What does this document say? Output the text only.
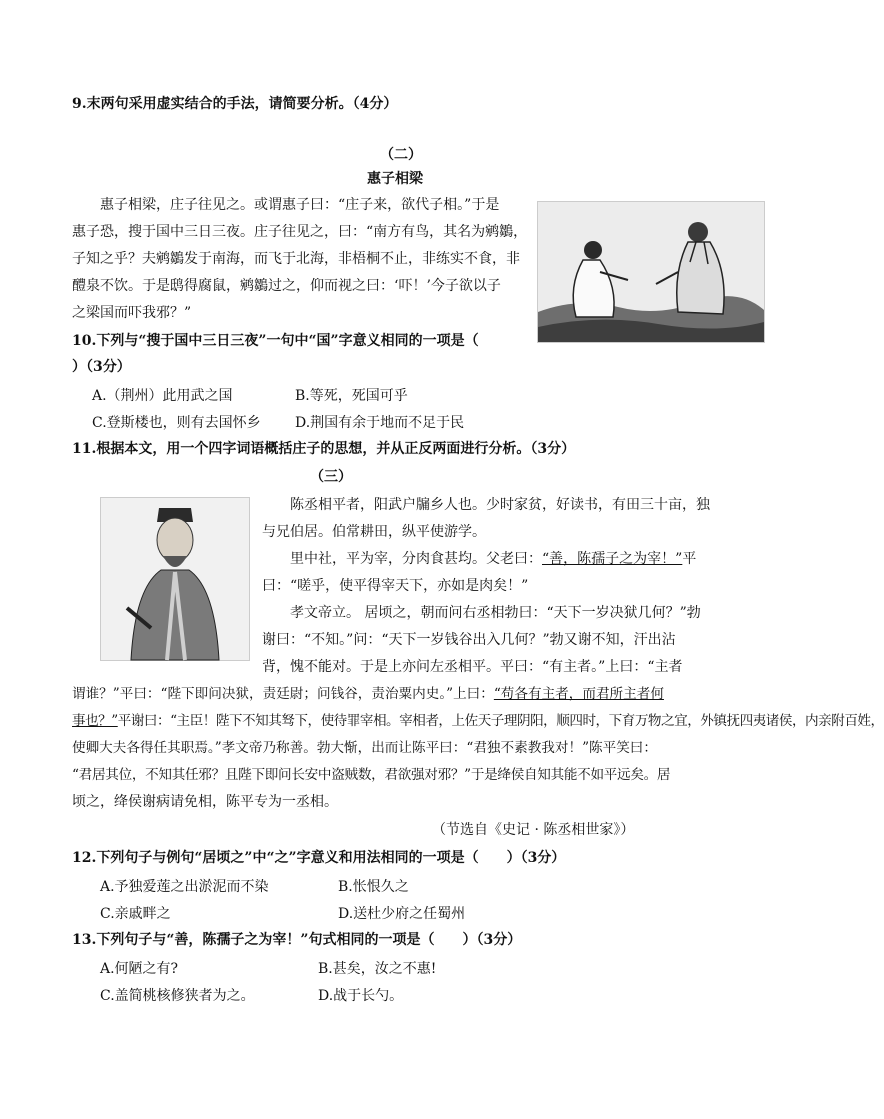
9.末两句采用虚实结合的手法，请简要分析。（4分）
（二）
惠子相梁
惠子相梁，庄子往见之。或谓惠子曰：“庄子来，欲代子相。”于是
惠子恐，搜于国中三日三夜。庄子往见之，曰：“南方有鸟，其名为鹓鶵，
子知之乎？夫鹓鶵发于南海，而飞于北海，非梧桐不止，非练实不食，非
醴泉不饮。于是鸱得腐鼠，鹓鶵过之，仰而视之曰：‘吓！’今子欲以子
之梁国而吓我邪？”
10.下列与“搜于国中三日三夜”一句中“国”字意义相同的一项是（
）（3分）
A.（荆州）此用武之国	B.等死，死国可乎
C.登斯楼也，则有去国怀乡 D.荆国有余于地而不足于民
11.根据本文，用一个四字词语概括庄子的思想，并从正反两面进行分析。（3分）
（三）
陈丞相平者，阳武户牖乡人也。少时家贫，好读书，有田三十亩，独
与兄伯居。伯常耕田，纵平使游学。
里中社，平为宰，分肉食甚均。父老曰：“善，陈孺子之为宰！”平
曰：“嗟乎，使平得宰天下，亦如是肉矣！”
孝文帝立。 居顷之，朝而问右丞相勃曰：“天下一岁决狱几何？”勃
谢曰：“不知。”问：“天下一岁钱谷出入几何？”勃又谢不知，汗出沾
背，愧不能对。于是上亦问左丞相平。平曰：“有主者。”上曰：“主者
谓谁？”平曰：“陛下即问决狱，责廷尉；问钱谷，责治粟内史。”上曰：“苟各有主者，而君所主者何
事也？”平谢曰：“主臣！陛下不知其驽下，使待罪宰相。宰相者，上佐天子理阴阳，顺四时，下育万物之宜，外镇抚四夷诸侯，内亲附百姓，
使卿大夫各得任其职焉。”孝文帝乃称善。勃大惭，出而让陈平曰：“君独不素教我对！”陈平笑曰：
“君居其位，不知其任邪？且陛下即问长安中盗贼数，君欲强对邪？”于是绛侯自知其能不如平远矣。居
顷之，绛侯谢病请免相，陈平专为一丞相。
（节选自《史记 · 陈丞相世家》）
12.下列句子与例句“居顷之”中“之”字意义和用法相同的一项是（　　）（3分）
A.予独爱莲之出淤泥而不染	B.怅恨久之
C.亲戚畔之	D.送杜少府之任蜀州
13.下列句子与“善，陈孺子之为宰！”句式相同的一项是（　　）（3分）
A.何陋之有?	B.甚矣，汝之不惠!
C.盖简桃核修狭者为之。	D.战于长勺。
